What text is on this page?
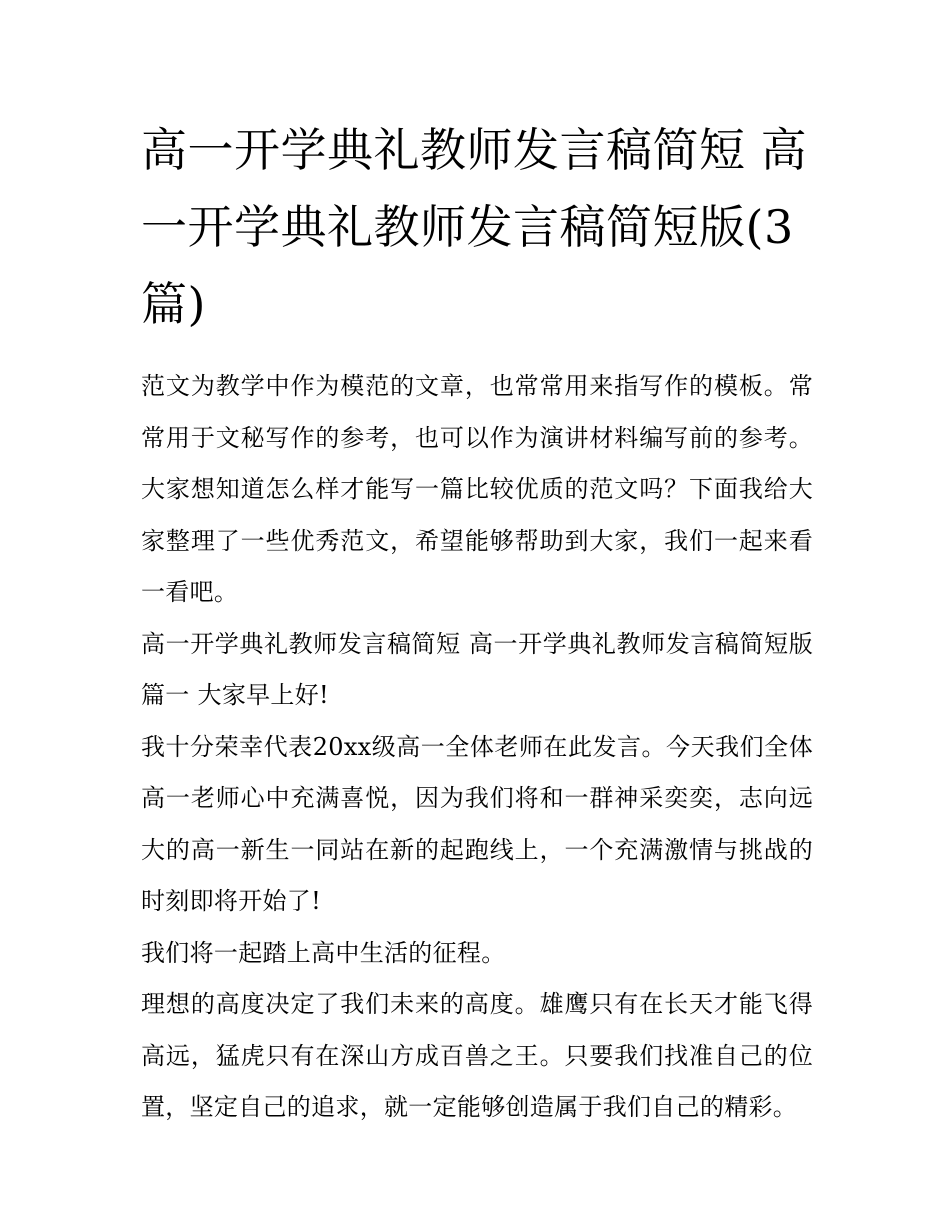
高一开学典礼教师发言稿简短 高一开学典礼教师发言稿简短版(3篇)

范文为教学中作为模范的文章，也常常用来指写作的模板。常常用于文秘写作的参考，也可以作为演讲材料编写前的参考。大家想知道怎么样才能写一篇比较优质的范文吗？下面我给大家整理了一些优秀范文，希望能够帮助到大家，我们一起来看一看吧。

高一开学典礼教师发言稿简短 高一开学典礼教师发言稿简短版篇一 大家早上好!

我十分荣幸代表20xx级高一全体老师在此发言。今天我们全体高一老师心中充满喜悦，因为我们将和一群神采奕奕，志向远大的高一新生一同站在新的起跑线上，一个充满激情与挑战的时刻即将开始了!

我们将一起踏上高中生活的征程。

理想的高度决定了我们未来的高度。雄鹰只有在长天才能飞得高远，猛虎只有在深山方成百兽之王。只要我们找准自己的位置，坚定自己的追求，就一定能够创造属于我们自己的精彩。
